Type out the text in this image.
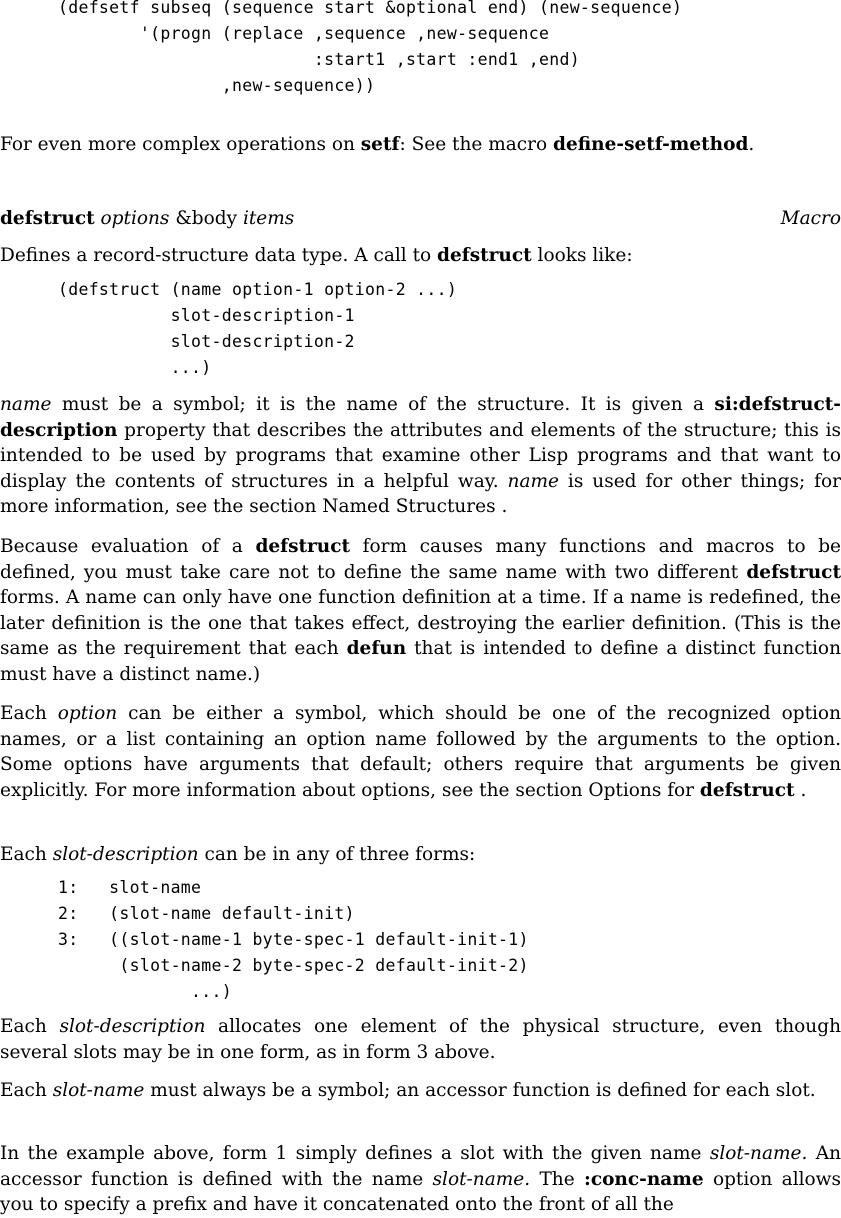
(defsetf subseq (sequence start &optional end) (new-sequence)
'(progn (replace ,sequence ,new-sequence
:start1 ,start :end1 ,end)
,new-sequence))

For even more complex operations on setf: See the macro define-setf-method.

defstruct options &body items	Macro

Defines a record-structure data type. A call to defstruct looks like:

(defstruct (name option-1 option-2 ...)
slot-description-1
slot-description-2
...)

name must be a symbol; it is the name of the structure. It is given a si:defstruct-description property that describes the attributes and elements of the structure; this is intended to be used by programs that examine other Lisp programs and that want to display the contents of structures in a helpful way. name is used for other things; for more information, see the section Named Structures .

Because evaluation of a defstruct form causes many functions and macros to be defined, you must take care not to define the same name with two different defstruct forms. A name can only have one function definition at a time. If a name is redefined, the later definition is the one that takes effect, destroying the earlier definition. (This is the same as the requirement that each defun that is intended to define a distinct function must have a distinct name.)

Each option can be either a symbol, which should be one of the recognized option names, or a list containing an option name followed by the arguments to the option. Some options have arguments that default; others require that arguments be given explicitly. For more information about options, see the section Options for defstruct .

Each slot-description can be in any of three forms:

1:   slot-name
2:   (slot-name default-init)
3:   ((slot-name-1 byte-spec-1 default-init-1)
(slot-name-2 byte-spec-2 default-init-2)
...)

Each slot-description allocates one element of the physical structure, even though several slots may be in one form, as in form 3 above.

Each slot-name must always be a symbol; an accessor function is defined for each slot.

In the example above, form 1 simply defines a slot with the given name slot-name. An accessor function is defined with the name slot-name. The :conc-name option allows you to specify a prefix and have it concatenated onto the front of all the
